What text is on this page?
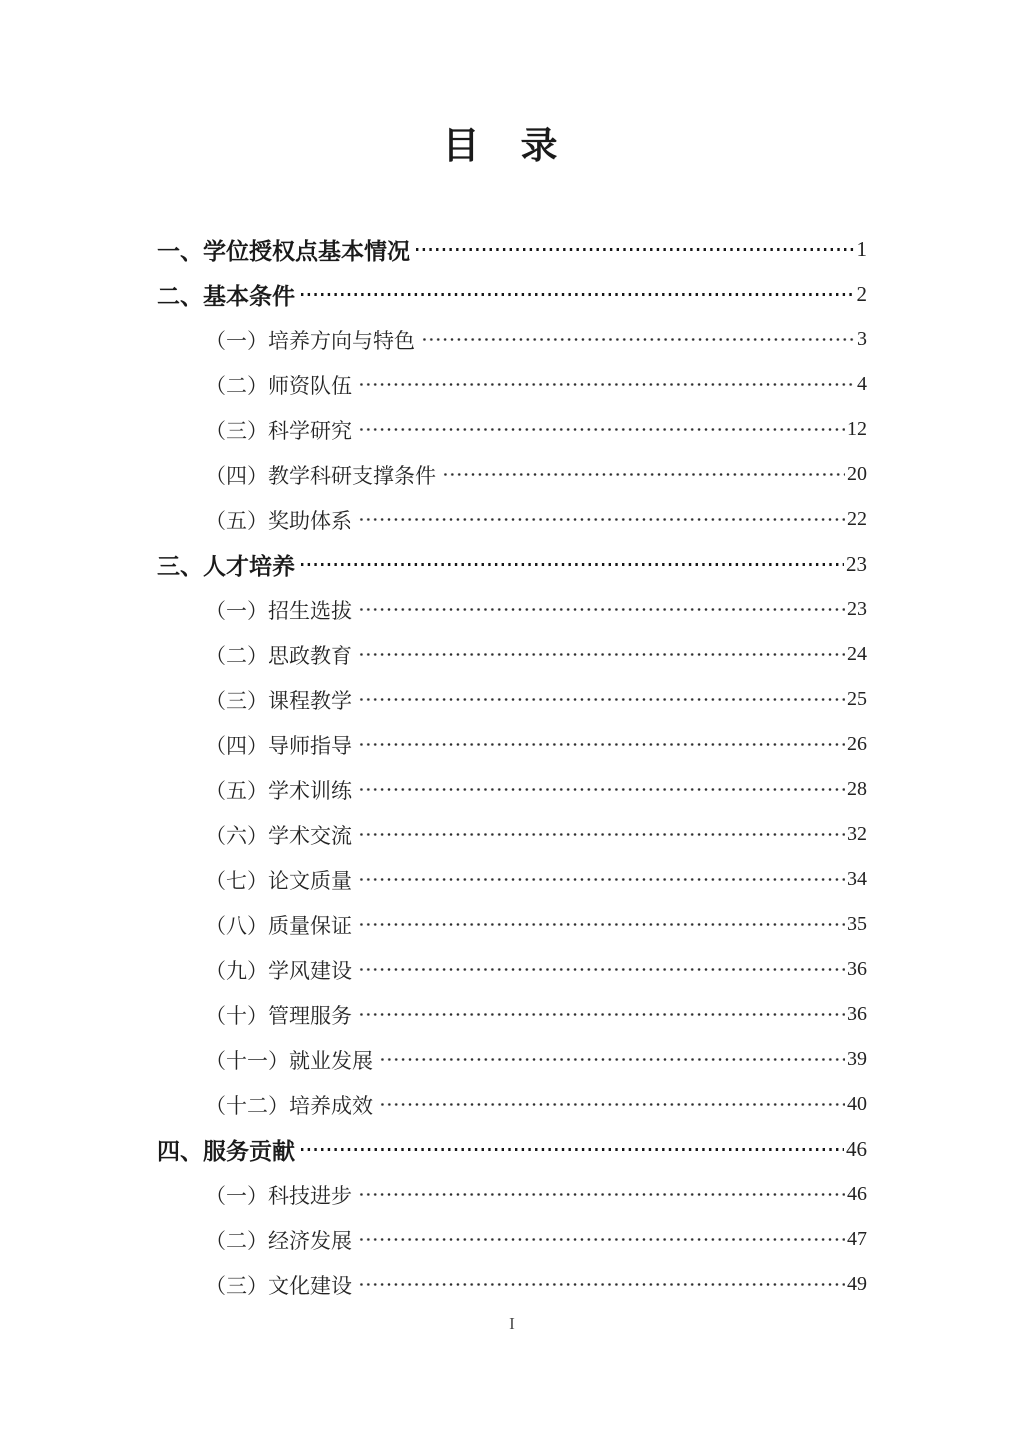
目　录
一、学位授权点基本情况	1
二、基本条件	2
（一）培养方向与特色	3
（二）师资队伍	4
（三）科学研究	12
（四）教学科研支撑条件	20
（五）奖助体系	22
三、人才培养	23
（一）招生选拔	23
（二）思政教育	24
（三）课程教学	25
（四）导师指导	26
（五）学术训练	28
（六）学术交流	32
（七）论文质量	34
（八）质量保证	35
（九）学风建设	36
（十）管理服务	36
（十一）就业发展	39
（十二）培养成效	40
四、服务贡献	46
（一）科技进步	46
（二）经济发展	47
（三）文化建设	49
I
